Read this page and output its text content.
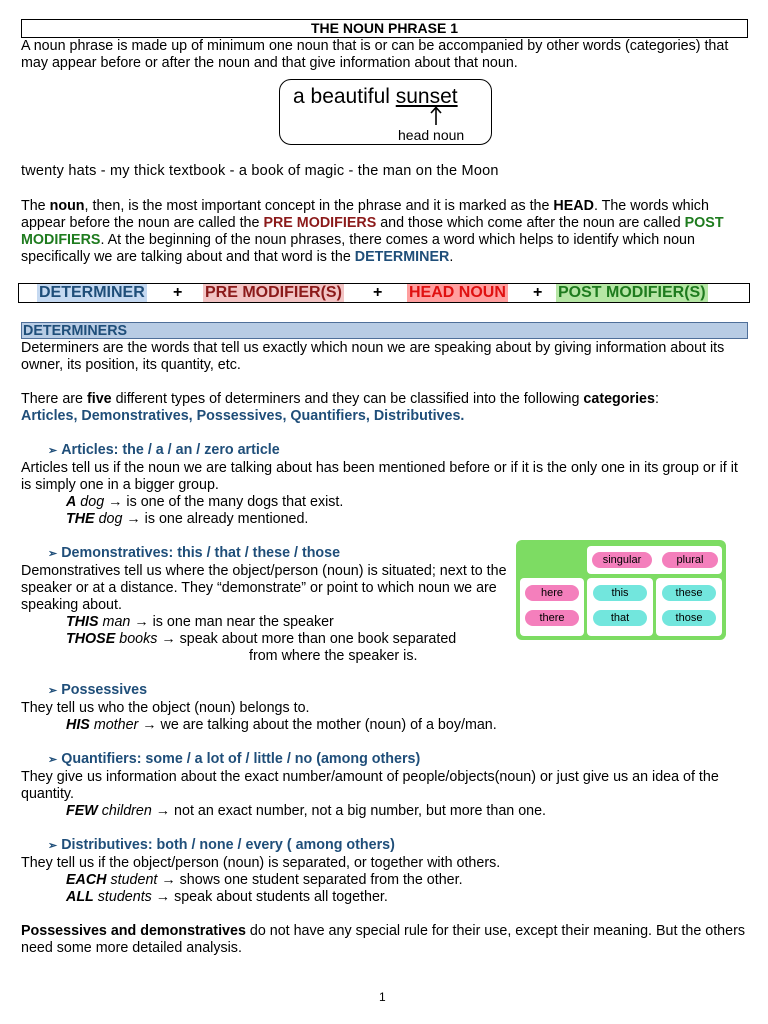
THE NOUN PHRASE 1

A noun phrase is made up of minimum one noun that is or can be accompanied by other words (categories) that may appear before or after the noun and that give information about that noun.

a beautiful sunset
head noun
twenty hats - my thick textbook - a book of magic - the man on the Moon

The noun, then, is the most important concept in the phrase and it is marked as the HEAD. The words which appear before the noun are called the PRE MODIFIERS and those which come after the noun are called POST MODIFIERS. At the beginning of the noun phrases, there comes a word which helps to identify which noun specifically we are talking about and that word is the DETERMINER.

DETERMINER + PRE MODIFIER(S) + HEAD NOUN + POST MODIFIER(S)
DETERMINERS

Determiners are the words that tell us exactly which noun we are speaking about by giving information about its owner, its position, its quantity, etc.

There are five different types of determiners and they can be classified into the following categories:

Articles, Demonstratives, Possessives, Quantifiers, Distributives.

➢ Articles: the / a / an / zero article

Articles tell us if the noun we are talking about has been mentioned before or if it is the only one in its group or if it is simply one in a bigger group.

A dog → is one of the many dogs that exist.

THE dog → is one already mentioned.

➢ Demonstratives: this / that / these / those

Demonstratives tell us where the object/person (noun) is situated; next to the speaker or at a distance. They “demonstrate” or point to which noun we are speaking about.

THIS man → is one man near the speaker

THOSE books → speak about more than one book separated

from where the speaker is.

➢ Possessives

They tell us who the object (noun) belongs to.

HIS mother → we are talking about the mother (noun) of a boy/man.

➢ Quantifiers: some / a lot of / little / no (among others)

They give us information about the exact number/amount of people/objects(noun) or just give us an idea of the quantity.

FEW children → not an exact number, not a big number, but more than one.

➢ Distributives: both / none / every ( among others)

They tell us if the object/person (noun) is separated, or together with others.

EACH student → shows one student separated from the other.

ALL students → speak about students all together.

Possessives and demonstratives do not have any special rule for their use, except their meaning. But the others need some more detailed analysis.

singular	plural
here
there
this
that
these
those
1
